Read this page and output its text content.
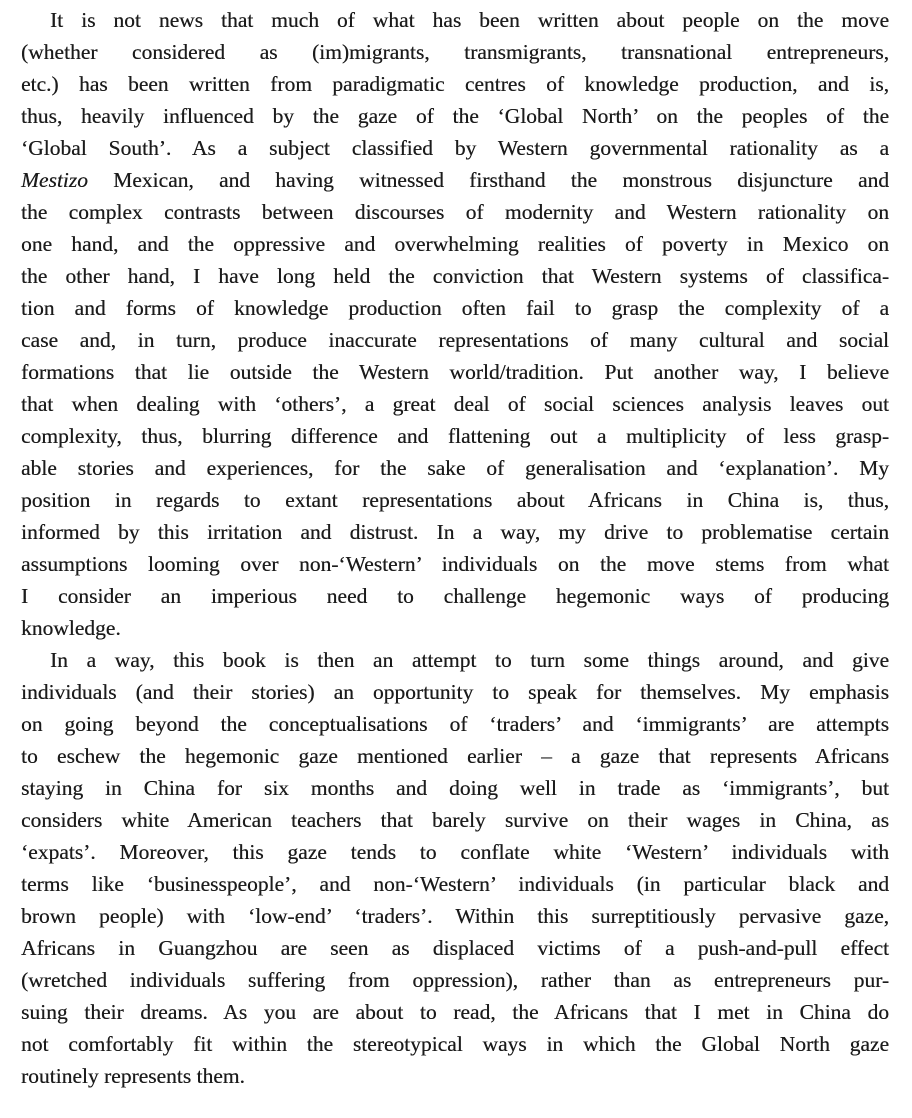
It is not news that much of what has been written about people on the move
(whether considered as (im)migrants, transmigrants, transnational entrepreneurs,
etc.) has been written from paradigmatic centres of knowledge production, and is,
thus, heavily influenced by the gaze of the ‘Global North’ on the peoples of the
‘Global South’. As a subject classified by Western governmental rationality as a
Mestizo Mexican, and having witnessed firsthand the monstrous disjuncture and
the complex contrasts between discourses of modernity and Western rationality on
one hand, and the oppressive and overwhelming realities of poverty in Mexico on
the other hand, I have long held the conviction that Western systems of classifica-
tion and forms of knowledge production often fail to grasp the complexity of a
case and, in turn, produce inaccurate representations of many cultural and social
formations that lie outside the Western world/tradition. Put another way, I believe
that when dealing with ‘others’, a great deal of social sciences analysis leaves out
complexity, thus, blurring difference and flattening out a multiplicity of less grasp-
able stories and experiences, for the sake of generalisation and ‘explanation’. My
position in regards to extant representations about Africans in China is, thus,
informed by this irritation and distrust. In a way, my drive to problematise certain
assumptions looming over non-‘Western’ individuals on the move stems from what
I consider an imperious need to challenge hegemonic ways of producing
knowledge.
In a way, this book is then an attempt to turn some things around, and give
individuals (and their stories) an opportunity to speak for themselves. My emphasis
on going beyond the conceptualisations of ‘traders’ and ‘immigrants’ are attempts
to eschew the hegemonic gaze mentioned earlier – a gaze that represents Africans
staying in China for six months and doing well in trade as ‘immigrants’, but
considers white American teachers that barely survive on their wages in China, as
‘expats’. Moreover, this gaze tends to conflate white ‘Western’ individuals with
terms like ‘businesspeople’, and non-‘Western’ individuals (in particular black and
brown people) with ‘low-end’ ‘traders’. Within this surreptitiously pervasive gaze,
Africans in Guangzhou are seen as displaced victims of a push-and-pull effect
(wretched individuals suffering from oppression), rather than as entrepreneurs pur-
suing their dreams. As you are about to read, the Africans that I met in China do
not comfortably fit within the stereotypical ways in which the Global North gaze
routinely represents them.
